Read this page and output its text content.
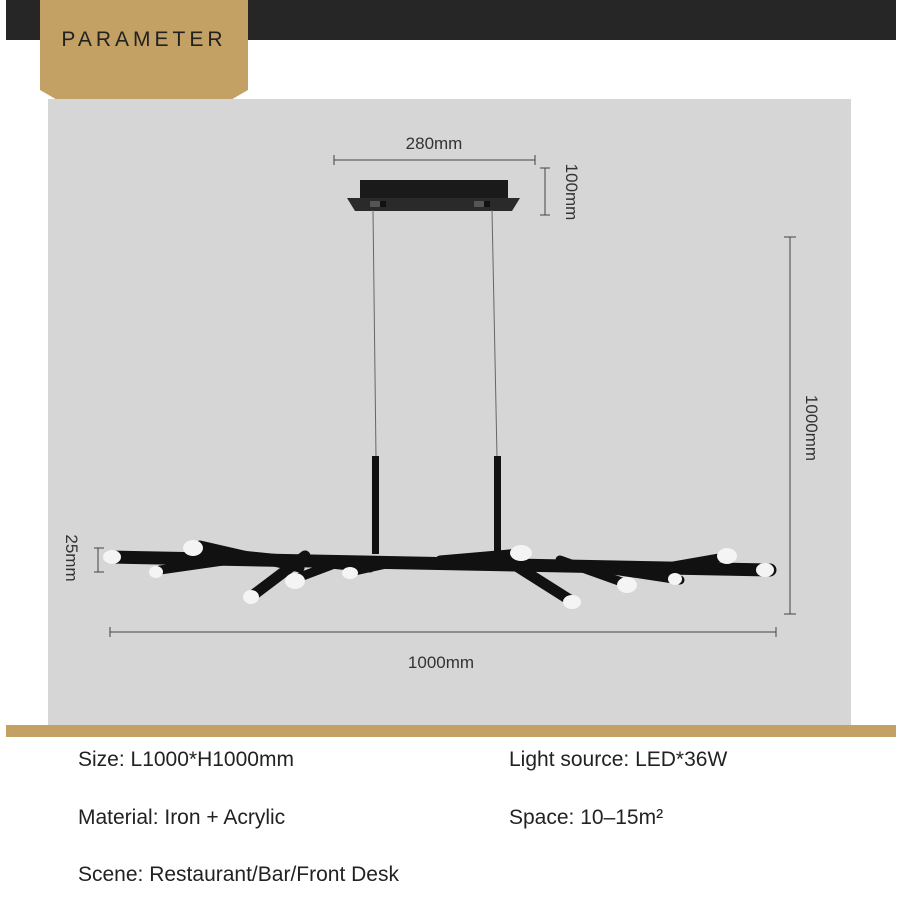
PARAMETER
280mm
100mm
1000mm
25mm
1000mm
Size: L1000*H1000mm	Light source: LED*36W
Material: Iron + Acrylic	Space: 10–15m²
Scene: Restaurant/Bar/Front Desk
